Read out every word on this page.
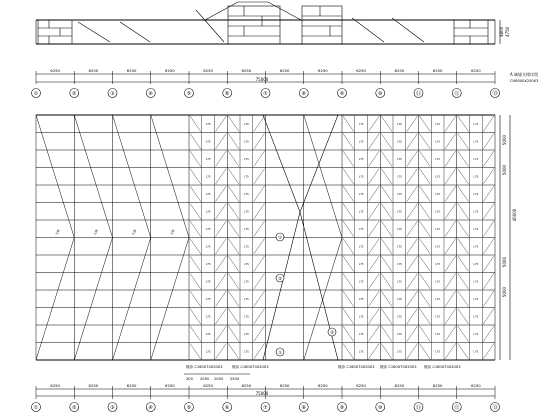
4800 4750
6250	6250	6250	6250	6250	6250	6250	6250	6250	6250	6250	6250
75000
A 端墙支撑详图
CH8000X250X3
①	②	③	④	⑤	⑥	⑦	⑧	⑨	⑩	⑪	⑫	⑬
支撑	支撑	支撑	支撑
L75
L75
L75
L75
L75
L75
L75
L75
L75
L75
L75
L75
L75
L75
L75
L75
L75
L75
L75
L75
L75
L75
L75
L75
L75
L75
L75
L75
L75
L75
L75
L75
L75
L75
L75
L75
L75
L75
L75
L75
L75
L75
L75
L75
L75
L75
L75
L75
L75
L75
L75
L75
L75
L75
L75
L75
L75
L75
L75
L75
L75
L75
L75
L75
L75
L75
L75
L75
L75
L75
L75
L75
L75
L75
L75
L75
L75
L75
L75
L75
L75
L75
L75
L75
①
②
③
①
檩条 C160X70X20X3	檩条 C160X70X20X3	檩条 C160X70X20X3 檩条 C160X70X20X3 檩条 C160X70X20X3
5000
5000
40000
5000
5000
300 2050 2050 2500
6250	6250	6250	6250	6250	6250	6250	6250	6250	6250	6250	6250
75000
①	②	③	④	⑤	⑥	⑦	⑧	⑨	⑩	⑪	⑫	⑬
